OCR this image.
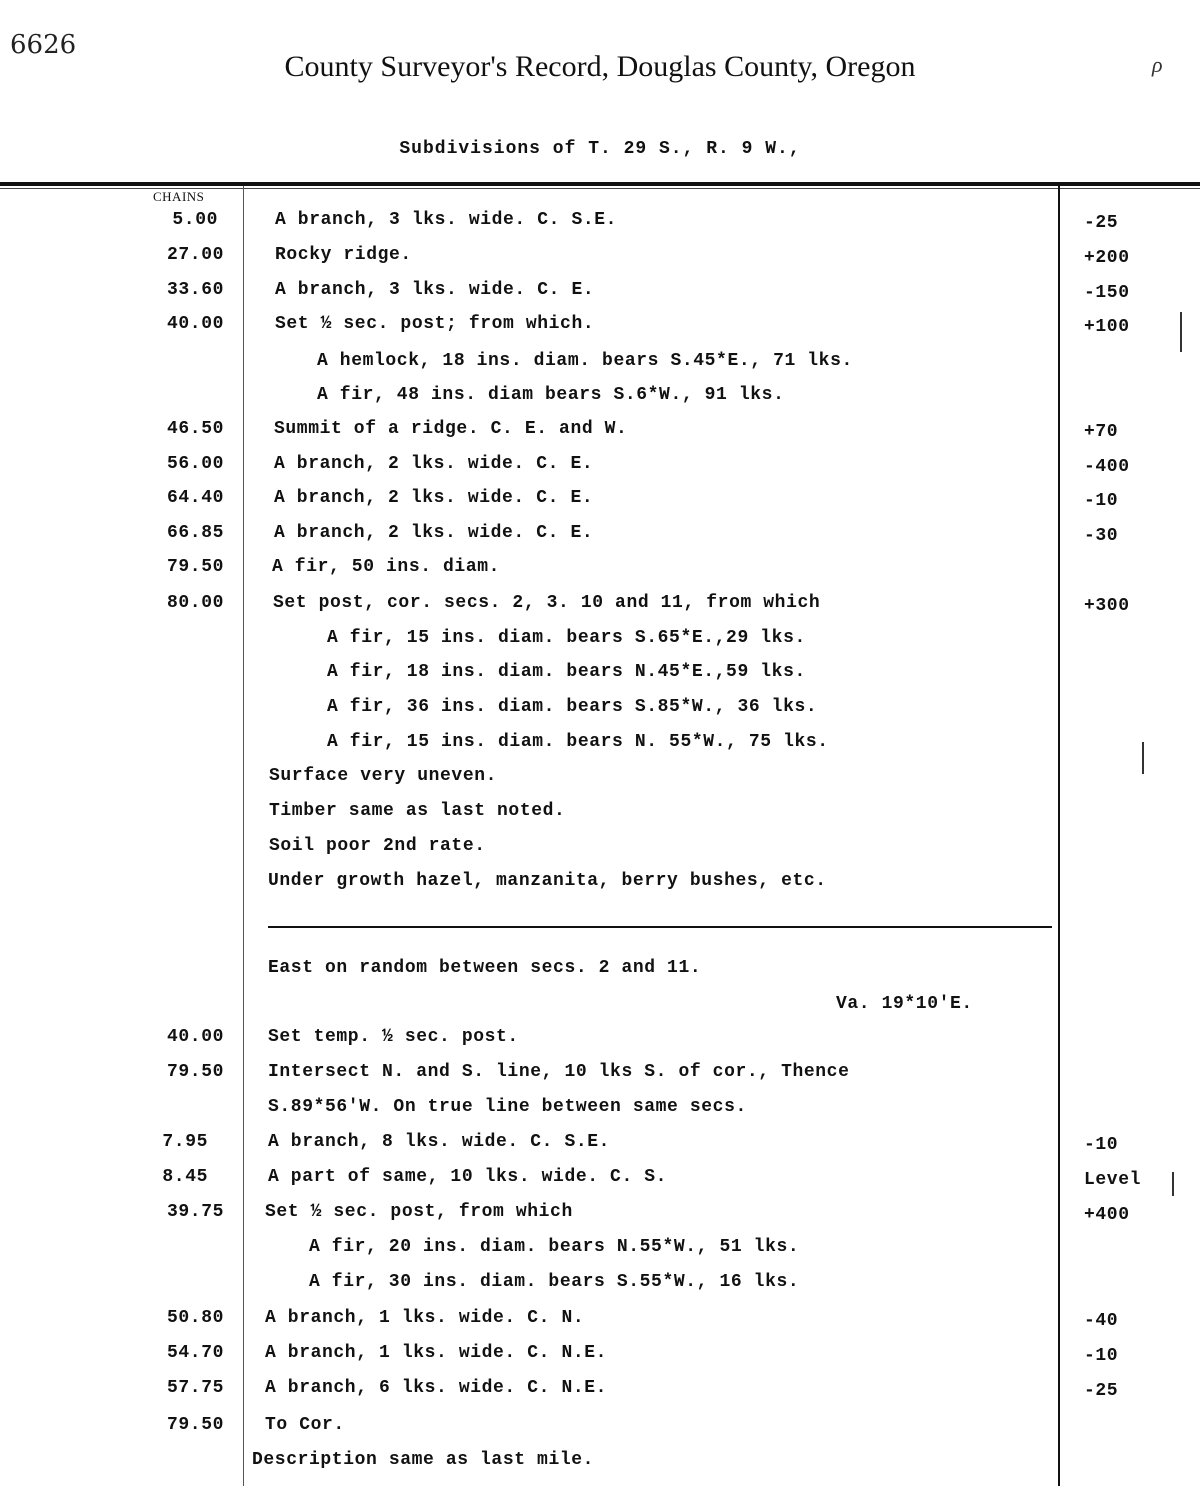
6626
County Surveyor's Record, Douglas County, Oregon	ρ
Subdivisions of T. 29 S., R. 9 W.,
CHAINS
5.00	A branch, 3 lks. wide. C. S.E.	-25
27.00	Rocky ridge.	+200
33.60	A branch, 3 lks. wide. C. E.	-150
40.00	Set ½ sec. post; from which.	+100
A hemlock, 18 ins. diam. bears S.45*E., 71 lks.
A fir, 48 ins. diam bears S.6*W., 91 lks.
46.50	Summit of a ridge. C. E. and W.	+70
56.00	A branch, 2 lks. wide. C. E.	-400
64.40	A branch, 2 lks. wide. C. E.	-10
66.85	A branch, 2 lks. wide. C. E.	-30
79.50	A fir, 50 ins. diam.
80.00	Set post, cor. secs. 2, 3. 10 and 11, from which	+300
A fir, 15 ins. diam. bears S.65*E.,29 lks.
A fir, 18 ins. diam. bears N.45*E.,59 lks.
A fir, 36 ins. diam. bears S.85*W., 36 lks.
A fir, 15 ins. diam. bears N. 55*W., 75 lks.
Surface very uneven.
Timber same as last noted.
Soil poor 2nd rate.
Under growth hazel, manzanita, berry bushes, etc.
East on random between secs. 2 and 11.
Va. 19*10'E.
40.00 Set temp. ½ sec. post.
79.50 Intersect N. and S. line, 10 lks S. of cor., Thence
S.89*56'W. On true line between same secs.
7.95	A branch, 8 lks. wide. C. S.E.	-10
8.45	A part of same, 10 lks. wide. C. S.	Level
39.75 Set ½ sec. post, from which	+400
A fir, 20 ins. diam. bears N.55*W., 51 lks.
A fir, 30 ins. diam. bears S.55*W., 16 lks.
50.80 A branch, 1 lks. wide. C. N.	-40
54.70 A branch, 1 lks. wide. C. N.E.	-10
57.75 A branch, 6 lks. wide. C. N.E.	-25
79.50 To Cor.
Description same as last mile.
